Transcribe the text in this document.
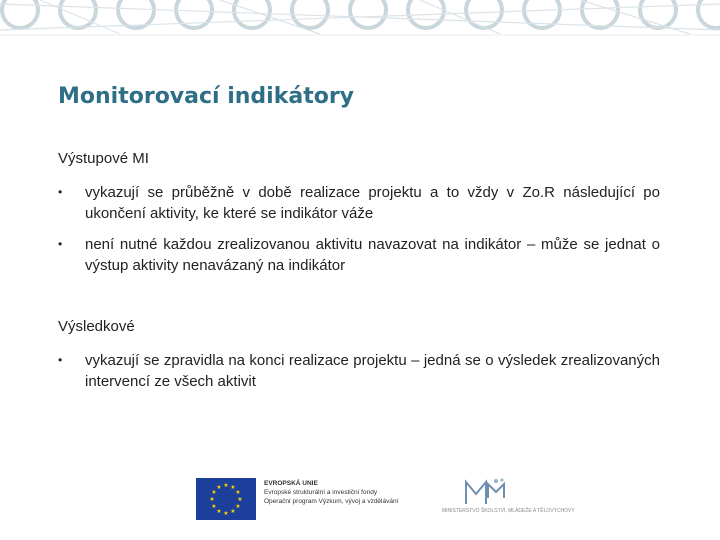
Monitorovací indikátory
Výstupové MI
•	vykazují se průběžně v době realizace projektu a to vždy v Zo.R následující po ukončení aktivity, ke které se indikátor váže
•	není nutné každou zrealizovanou aktivitu navazovat na indikátor – může se jednat o výstup aktivity nenavázaný na indikátor
Výsledkové
•	vykazují se zpravidla na konci realizace projektu – jedná se o výsledek zrealizovaných intervencí ze všech aktivit
★ ★
★
★
★
★
★
★
★
★
★
★
EVROPSKÁ UNIE
Evropské strukturální a investiční fondy
Operační program Výzkum, vývoj a vzdělávání
MINISTERSTVO ŠKOLSTVÍ, MLÁDEŽE A TĚLOVÝCHOVY
